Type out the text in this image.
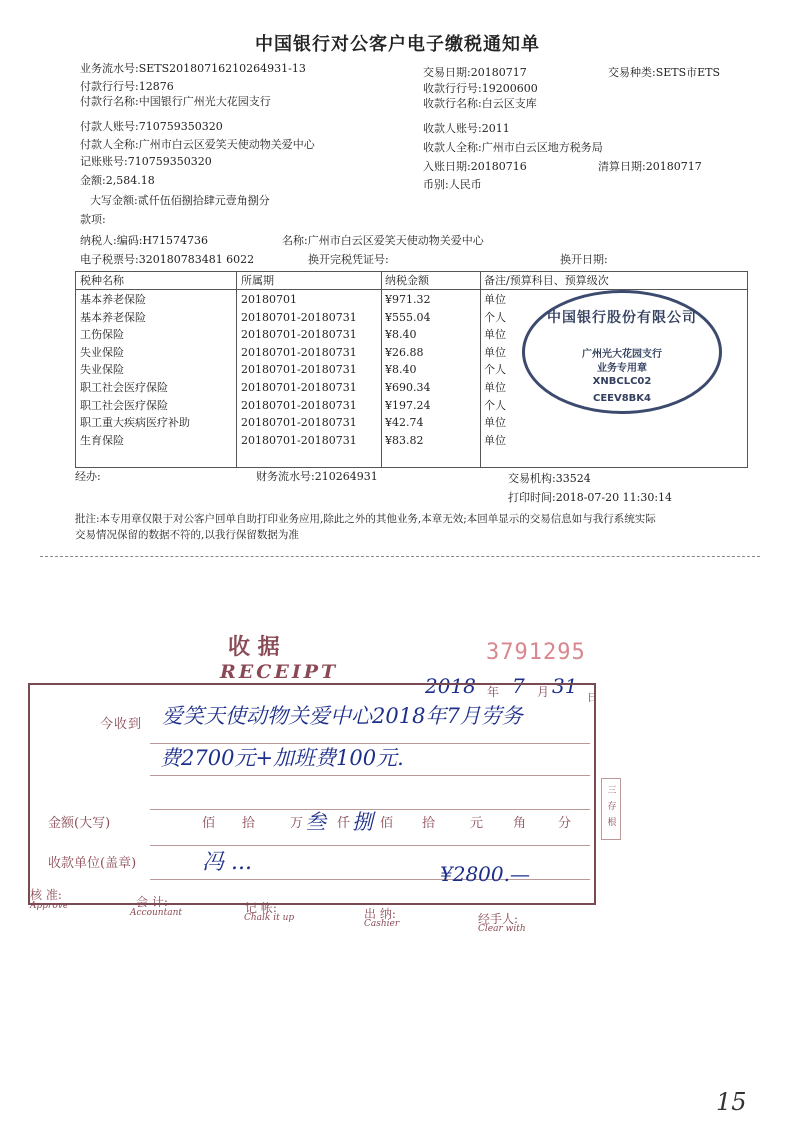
中国银行对公客户电子缴税通知单
业务流水号:SETS20180716210264931-13	交易日期:20180717	交易种类:SETS市ETS
付款行行号:12876	收款行行号:19200600
付款行名称:中国银行广州光大花园支行	收款行名称:白云区支库
付款人账号:710759350320	收款人账号:2011
付款人全称:广州市白云区爱笑天使动物关爱中心	收款人全称:广州市白云区地方税务局
记账账号:710759350320	入账日期:20180716	清算日期:20180717
金额:2,584.18	币别:人民币
大写金额:贰仟伍佰捌拾肆元壹角捌分
款项:
纳税人:编码:H71574736	名称:广州市白云区爱笑天使动物关爱中心
电子税票号:320180783481 6022	换开完税凭证号:	换开日期:
税种名称	所属期	纳税金额	备注/预算科目、预算级次
基本养老保险	20180701	¥971.32	单位
基本养老保险	20180701-20180731	¥555.04	个人
工伤保险	20180701-20180731	¥8.40	单位
失业保险	20180701-20180731	¥26.88	单位
失业保险	20180701-20180731	¥8.40	个人
职工社会医疗保险	20180701-20180731	¥690.34	单位
职工社会医疗保险	20180701-20180731	¥197.24	个人
职工重大疾病医疗补助	20180701-20180731	¥42.74	单位
生育保险	20180701-20180731	¥83.82	单位
中国银行股份有限公司
广州光大花园支行
业务专用章
XNBCLC02
CEEV8BK4
经办:	财务流水号:210264931	交易机构:33524
打印时间:2018-07-20 11:30:14
批注:本专用章仅限于对公客户回单自助打印业务应用,除此之外的其他业务,本章无效;本回单显示的交易信息如与我行系统实际
交易情况保留的数据不符的,以我行保留数据为准
收 据
RECEIPT
3791295
2018 年 7 月 31 日
今收到 爱笑天使动物关爱中心2018年7月劳务
费2700元+加班费100元.
金额(大写)	佰 拾	万	仟 佰 拾	元 角 分
叁 捌
收款单位(盖章)	冯 ...	¥2800.—
核 准:
Approve	会 计:
Accountant	记 帐:
Chalk it up	出 纳:
Cashier	经手人:
Clear with
三存根
15
